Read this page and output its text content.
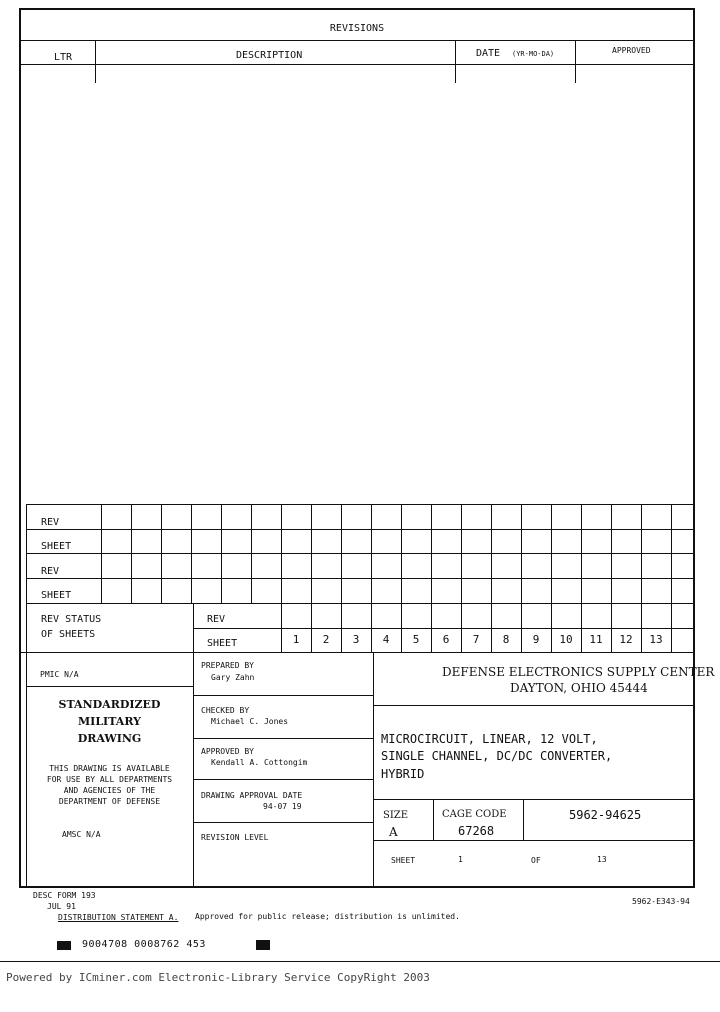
REVISIONS
LTR	DESCRIPTION	DATE (YR-MO-DA)	APPROVED
REV
SHEET
REV
SHEET
REV STATUS
OF SHEETS
REV
SHEET	1	2	3	4	5	6	7	8	9	10	11	12	13
PMIC N/A
STANDARDIZED
MILITARY
DRAWING
THIS DRAWING IS AVAILABLE
FOR USE BY ALL DEPARTMENTS
AND AGENCIES OF THE
DEPARTMENT OF DEFENSE
AMSC N/A
PREPARED BY
Gary Zahn
CHECKED BY
Michael C. Jones
APPROVED BY
Kendall A. Cottongim
DRAWING APPROVAL DATE
94-07 19
REVISION LEVEL
DEFENSE ELECTRONICS SUPPLY CENTER
DAYTON, OHIO 45444
MICROCIRCUIT, LINEAR, 12 VOLT,
SINGLE CHANNEL, DC/DC CONVERTER,
HYBRID
SIZE
A
CAGE CODE
67268
5962-94625
SHEET	1	OF	13
DESC FORM 193
JUL 91
DISTRIBUTION STATEMENT A. Approved for public release; distribution is unlimited.
5962-E343-94
9004708 0008762 453
Powered by ICminer.com Electronic-Library Service CopyRight 2003
